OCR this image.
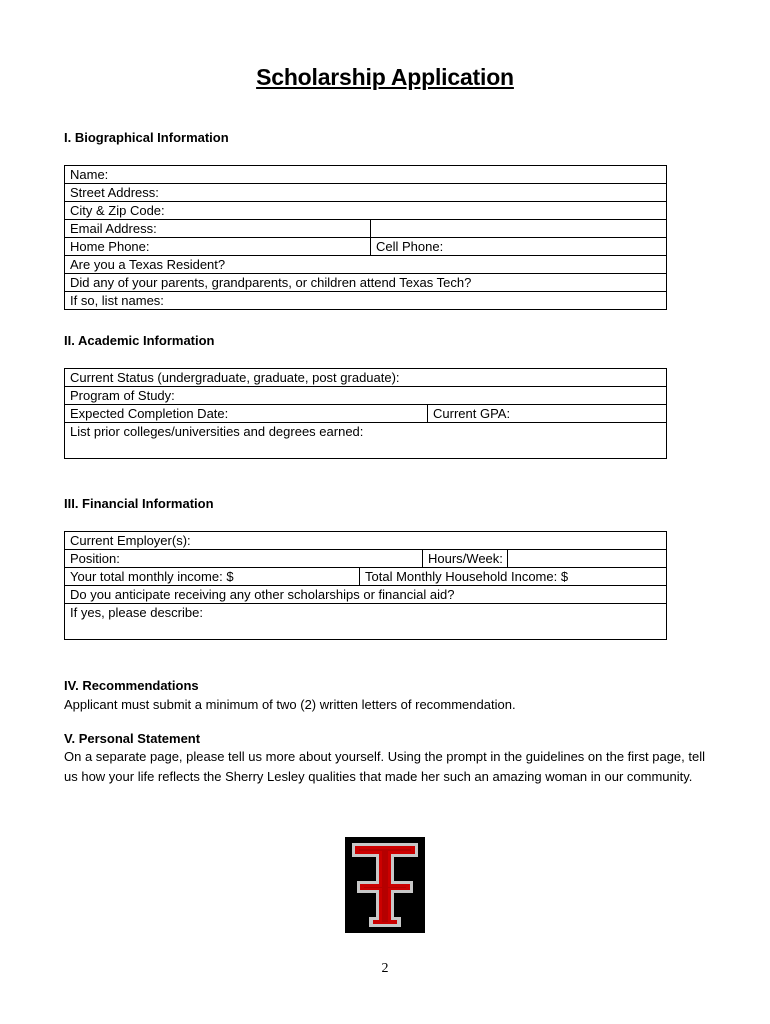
Scholarship Application
I. Biographical Information
Name:	
Street Address:	
City & Zip Code:	
Email Address:	
Home Phone:	Cell Phone:
Are you a Texas Resident?	
Did any of your parents, grandparents, or children attend Texas Tech?	
If so, list names:	
II. Academic Information
Current Status (undergraduate, graduate, post graduate):
Program of Study:
Expected Completion Date:	Current GPA:
List prior colleges/universities and degrees earned:
III. Financial Information
Current Employer(s):			
Position:		Hours/Week:	
Your total monthly income: $	Total Monthly Household Income: $		
Do you anticipate receiving any other scholarships or financial aid?			
If yes, please describe:			
IV. Recommendations
Applicant must submit a minimum of two (2) written letters of recommendation.
V. Personal Statement
On a separate page, please tell us more about yourself. Using the prompt in the guidelines on the first page, tell us how your life reflects the Sherry Lesley qualities that made her such an amazing woman in our community.
2
